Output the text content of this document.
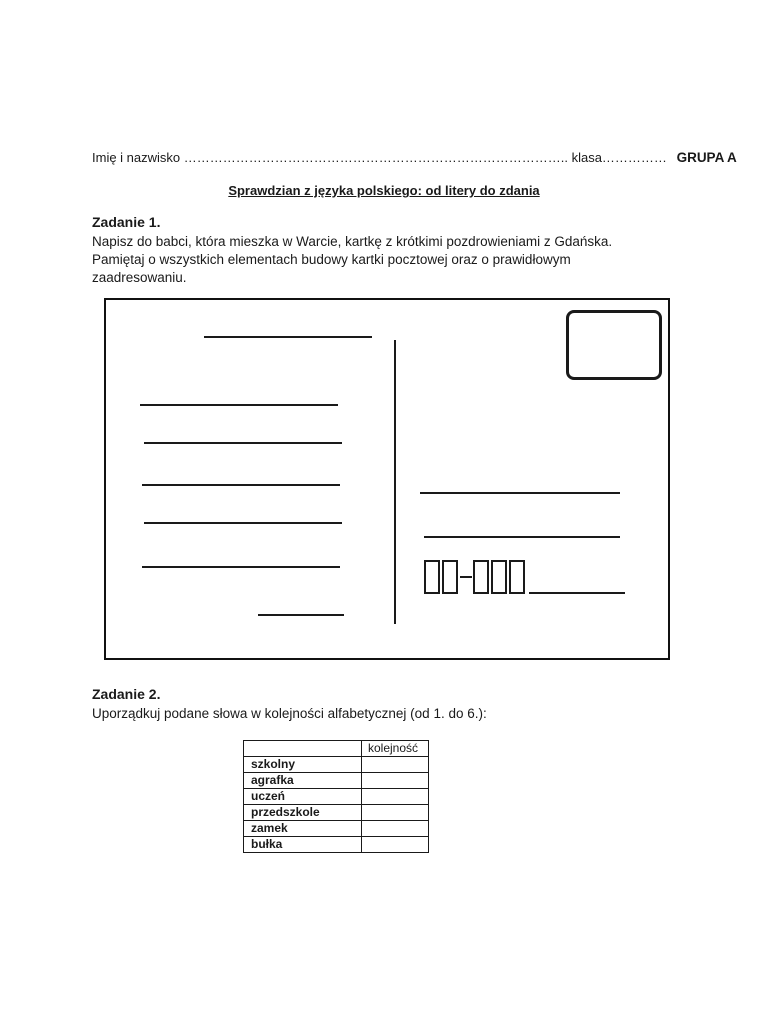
Imię i nazwisko …………………………………………………………………………….. klasa…………… GRUPA A
Sprawdzian z języka polskiego: od litery do zdania
Zadanie 1.
Napisz do babci, która mieszka w Warcie, kartkę z krótkimi pozdrowieniami z Gdańska.
Pamiętaj o wszystkich elementach budowy kartki pocztowej oraz o prawidłowym
zaadresowaniu.
Zadanie 2.
Uporządkuj podane słowa w kolejności alfabetycznej (od 1. do 6.):
	kolejność
szkolny	
agrafka	
uczeń	
przedszkole	
zamek	
bułka	
